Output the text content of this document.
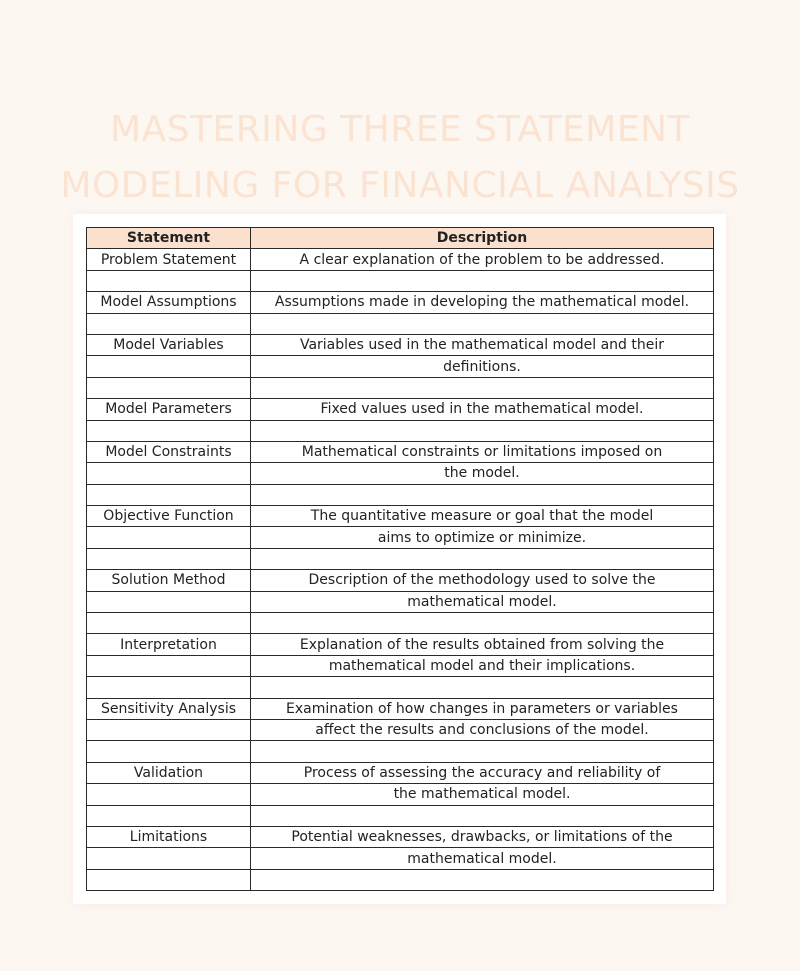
MASTERING THREE STATEMENT
MODELING FOR FINANCIAL ANALYSIS
Statement	Description
Problem Statement	A clear explanation of the problem to be addressed.

Model Assumptions	Assumptions made in developing the mathematical model.

Model Variables	Variables used in the mathematical model and their
	definitions.

Model Parameters	Fixed values used in the mathematical model.

Model Constraints	Mathematical constraints or limitations imposed on
	the model.

Objective Function	The quantitative measure or goal that the model
	aims to optimize or minimize.

Solution Method	Description of the methodology used to solve the
	mathematical model.

Interpretation	Explanation of the results obtained from solving the
	mathematical model and their implications.

Sensitivity Analysis	Examination of how changes in parameters or variables
	affect the results and conclusions of the model.

Validation	Process of assessing the accuracy and reliability of
	the mathematical model.

Limitations	Potential weaknesses, drawbacks, or limitations of the
	mathematical model.
